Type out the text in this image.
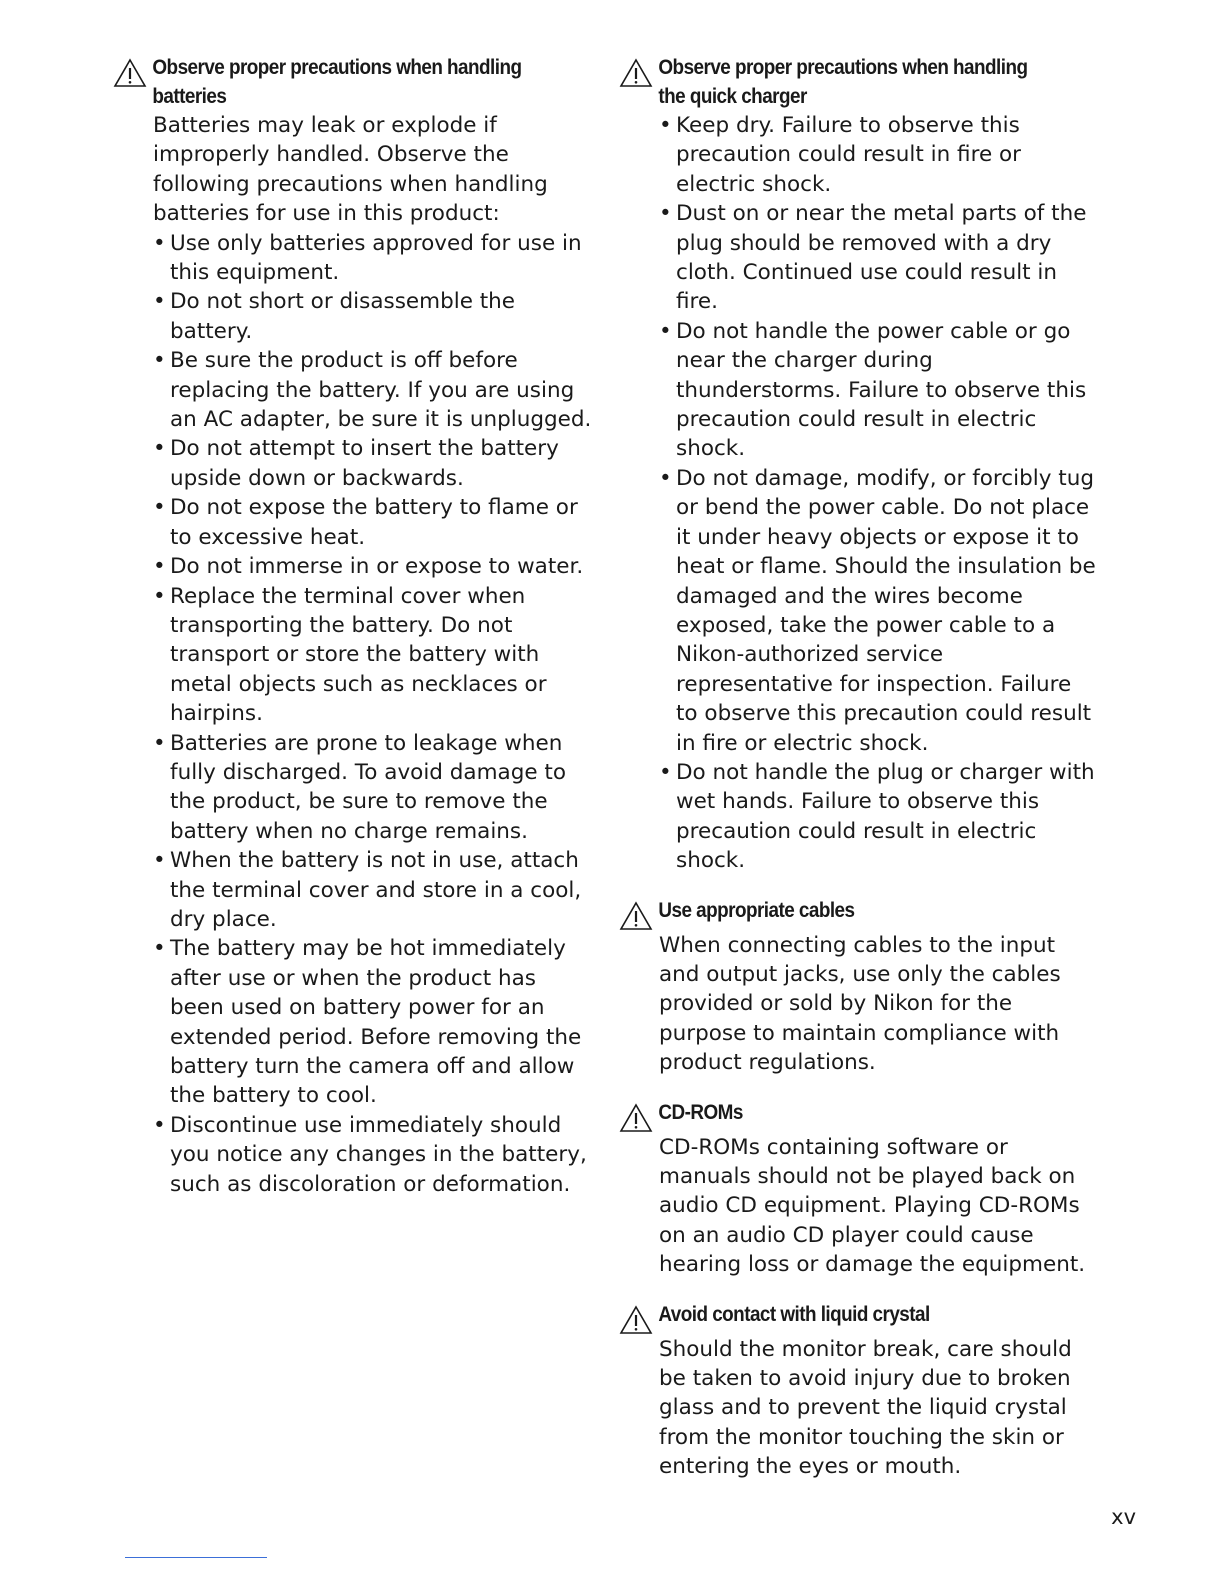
Observe proper precautions when handling batteries

Batteries may leak or explode if improperly handled. Observe the following precautions when handling batteries for use in this product:

• Use only batteries approved for use in this equipment.
• Do not short or disassemble the battery.
• Be sure the product is off before replacing the battery. If you are using an AC adapter, be sure it is unplugged.
• Do not attempt to insert the battery upside down or backwards.
• Do not expose the battery to flame or to excessive heat.
• Do not immerse in or expose to water.
• Replace the terminal cover when transporting the battery. Do not transport or store the battery with metal objects such as necklaces or hairpins.
• Batteries are prone to leakage when fully discharged. To avoid damage to the product, be sure to remove the battery when no charge remains.
• When the battery is not in use, attach the terminal cover and store in a cool, dry place.
• The battery may be hot immediately after use or when the product has been used on battery power for an extended period. Before removing the battery turn the camera off and allow the battery to cool.
• Discontinue use immediately should you notice any changes in the battery, such as discoloration or deformation.
Observe proper precautions when handling the quick charger
• Keep dry. Failure to observe this precaution could result in fire or electric shock.
• Dust on or near the metal parts of the plug should be removed with a dry cloth. Continued use could result in fire.
• Do not handle the power cable or go near the charger during thunderstorms. Failure to observe this precaution could result in electric shock.
• Do not damage, modify, or forcibly tug or bend the power cable. Do not place it under heavy objects or expose it to heat or flame. Should the insulation be damaged and the wires become exposed, take the power cable to a Nikon-authorized service representative for inspection. Failure to observe this precaution could result in fire or electric shock.
• Do not handle the plug or charger with wet hands. Failure to observe this precaution could result in electric shock.
Use appropriate cables

When connecting cables to the input and output jacks, use only the cables provided or sold by Nikon for the purpose to maintain compliance with product regulations.

CD-ROMs

CD-ROMs containing software or manuals should not be played back on audio CD equipment. Playing CD-ROMs on an audio CD player could cause hearing loss or damage the equipment.

Avoid contact with liquid crystal

Should the monitor break, care should be taken to avoid injury due to broken glass and to prevent the liquid crystal from the monitor touching the skin or entering the eyes or mouth.

xv
